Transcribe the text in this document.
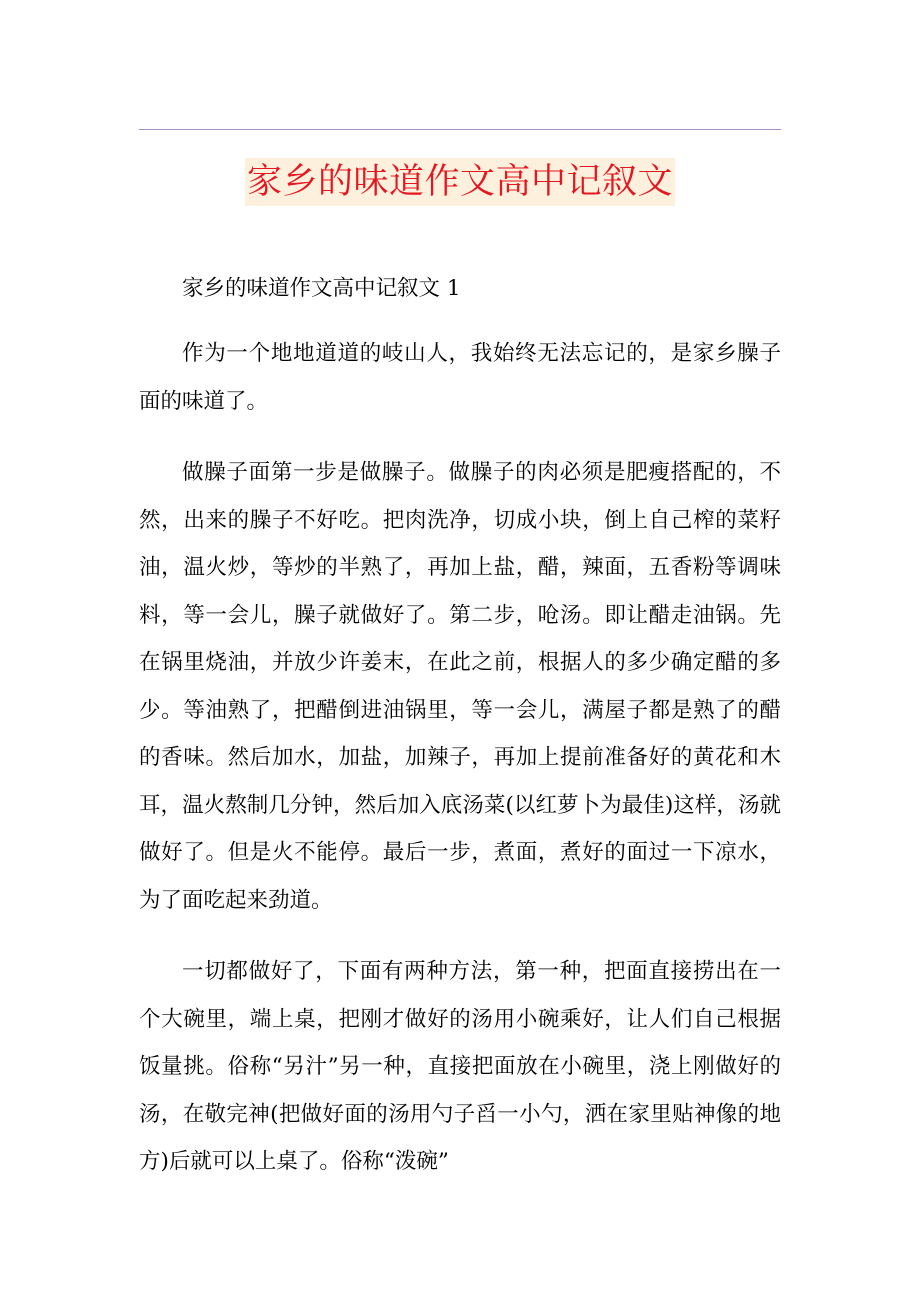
家乡的味道作文高中记叙文

家乡的味道作文高中记叙文 1

作为一个地地道道的岐山人，我始终无法忘记的，是家乡臊子面的味道了。

做臊子面第一步是做臊子。做臊子的肉必须是肥瘦搭配的，不然，出来的臊子不好吃。把肉洗净，切成小块，倒上自己榨的菜籽油，温火炒，等炒的半熟了，再加上盐，醋，辣面，五香粉等调味料，等一会儿，臊子就做好了。第二步，呛汤。即让醋走油锅。先在锅里烧油，并放少许姜末，在此之前，根据人的多少确定醋的多少。等油熟了，把醋倒进油锅里，等一会儿，满屋子都是熟了的醋的香味。然后加水，加盐，加辣子，再加上提前准备好的黄花和木耳，温火熬制几分钟，然后加入底汤菜(以红萝卜为最佳)这样，汤就做好了。但是火不能停。最后一步，煮面，煮好的面过一下凉水，为了面吃起来劲道。

一切都做好了，下面有两种方法，第一种，把面直接捞出在一个大碗里，端上桌，把刚才做好的汤用小碗乘好，让人们自己根据饭量挑。俗称“另汁”另一种，直接把面放在小碗里，浇上刚做好的汤，在敬完神(把做好面的汤用勺子舀一小勺，洒在家里贴神像的地方)后就可以上桌了。俗称“泼碗”
